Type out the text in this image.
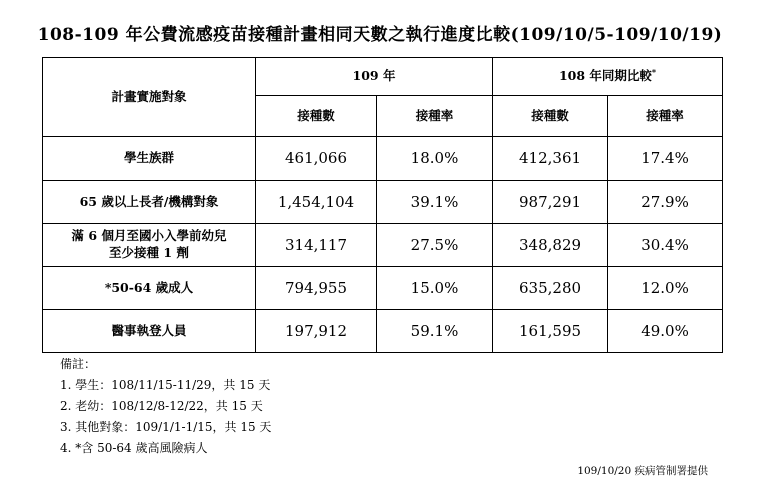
108-109 年公費流感疫苗接種計畫相同天數之執行進度比較(109/10/5-109/10/19)
計畫實施對象	109 年		108 年同期比較*
	接種數	接種率	接種數	接種率
學生族群	461,066	18.0%	412,361	17.4%
65 歲以上長者/機構對象	1,454,104	39.1%	987,291	27.9%

滿 6 個月至國小入學前幼兒
至少接種 1 劑	314,117	27.5%	348,829	30.4%
*50-64 歲成人	794,955	15.0%	635,280	12.0%
醫事執登人員	197,912	59.1%	161,595	49.0%
備註：
1. 學生：108/11/15-11/29，共 15 天
2. 老幼：108/12/8-12/22，共 15 天
3. 其他對象：109/1/1-1/15，共 15 天
4. *含 50-64 歲高風險病人
109/10/20 疾病管制署提供
